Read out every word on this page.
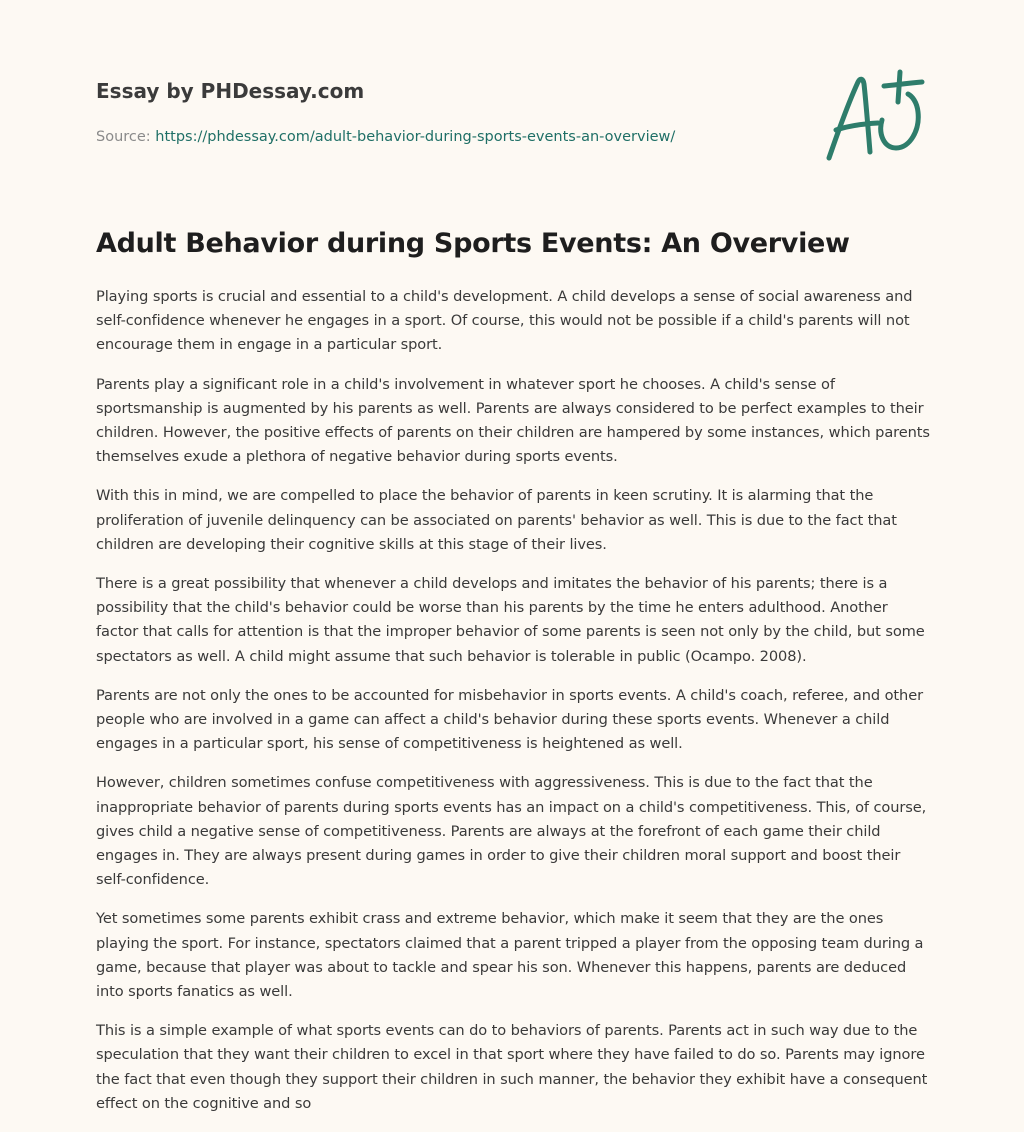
Essay by PHDessay.com
Source: https://phdessay.com/adult-behavior-during-sports-events-an-overview/
Adult Behavior during Sports Events: An Overview

Playing sports is crucial and essential to a child's development. A child develops a sense of social awareness and self-confidence whenever he engages in a sport. Of course, this would not be possible if a child's parents will not encourage them in engage in a particular sport.

Parents play a significant role in a child's involvement in whatever sport he chooses. A child's sense of sportsmanship is augmented by his parents as well. Parents are always considered to be perfect examples to their children. However, the positive effects of parents on their children are hampered by some instances, which parents themselves exude a plethora of negative behavior during sports events.

With this in mind, we are compelled to place the behavior of parents in keen scrutiny. It is alarming that the proliferation of juvenile delinquency can be associated on parents' behavior as well. This is due to the fact that children are developing their cognitive skills at this stage of their lives.

There is a great possibility that whenever a child develops and imitates the behavior of his parents; there is a possibility that the child's behavior could be worse than his parents by the time he enters adulthood. Another factor that calls for attention is that the improper behavior of some parents is seen not only by the child, but some spectators as well. A child might assume that such behavior is tolerable in public (Ocampo. 2008).

Parents are not only the ones to be accounted for misbehavior in sports events. A child's coach, referee, and other people who are involved in a game can affect a child's behavior during these sports events. Whenever a child engages in a particular sport, his sense of competitiveness is heightened as well.

However, children sometimes confuse competitiveness with aggressiveness. This is due to the fact that the inappropriate behavior of parents during sports events has an impact on a child's competitiveness. This, of course, gives child a negative sense of competitiveness. Parents are always at the forefront of each game their child engages in. They are always present during games in order to give their children moral support and boost their self-confidence.

Yet sometimes some parents exhibit crass and extreme behavior, which make it seem that they are the ones playing the sport. For instance, spectators claimed that a parent tripped a player from the opposing team during a game, because that player was about to tackle and spear his son. Whenever this happens, parents are deduced into sports fanatics as well.

This is a simple example of what sports events can do to behaviors of parents. Parents act in such way due to the speculation that they want their children to excel in that sport where they have failed to do so. Parents may ignore the fact that even though they support their children in such manner, the behavior they exhibit have a consequent effect on the cognitive and so
